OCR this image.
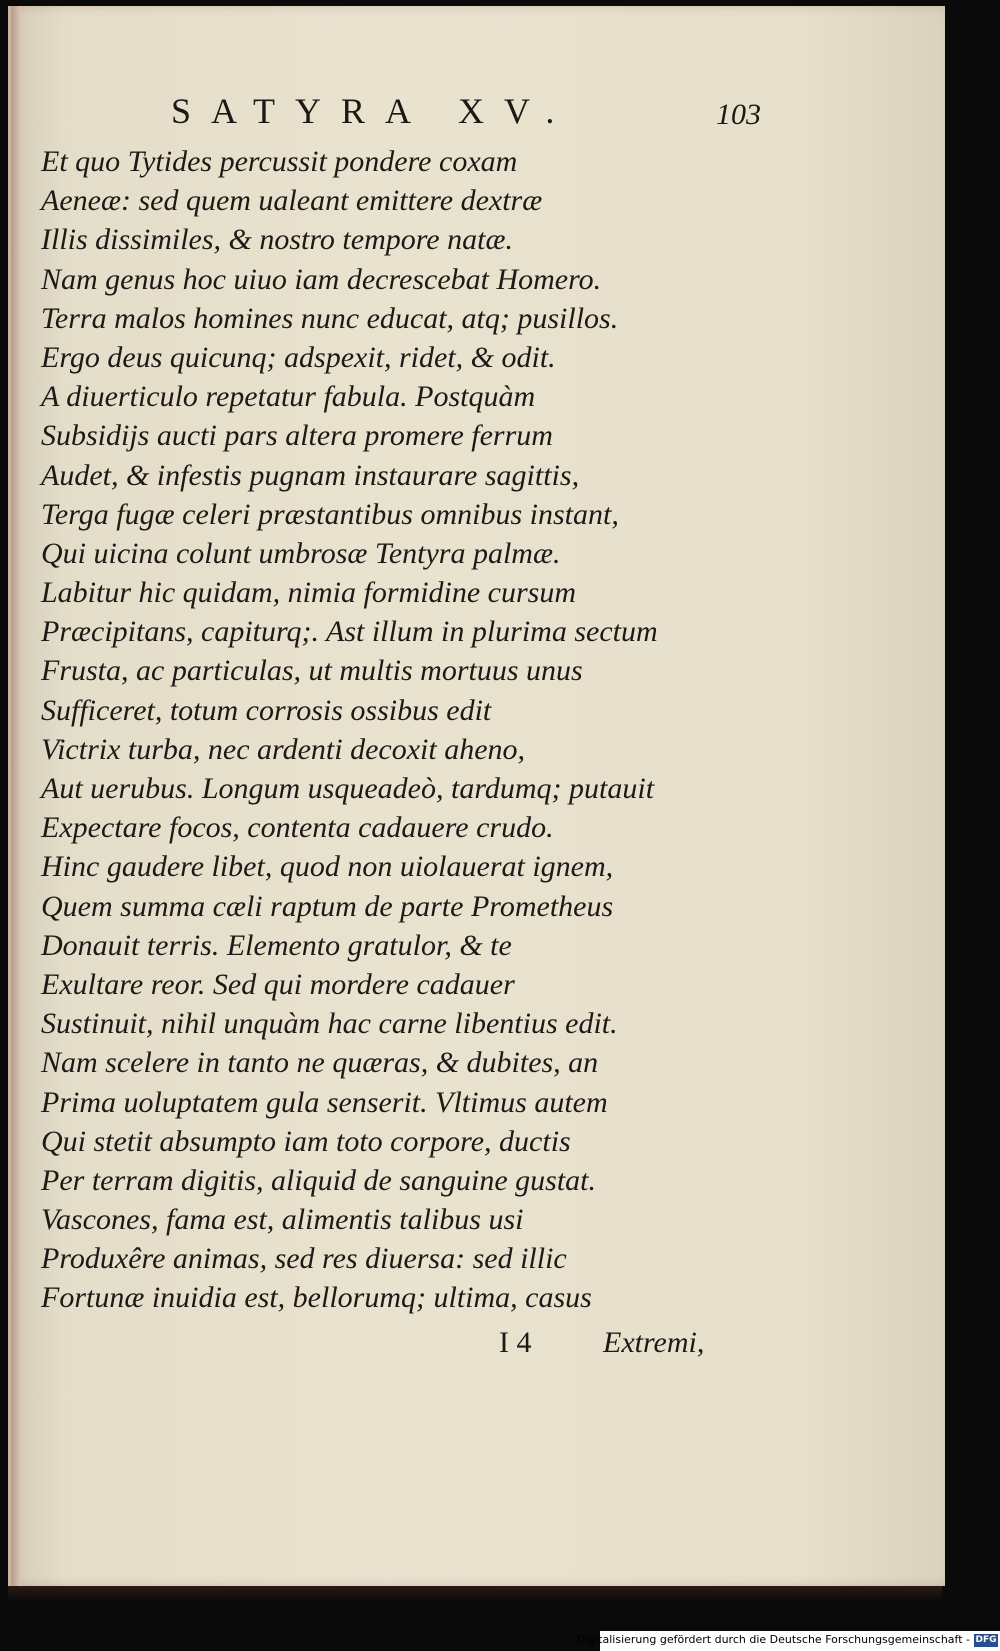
SATYRA XV.	103
Et quo Tytides percussit pondere coxam
Aeneæ: sed quem ualeant emittere dextræ
Illis dissimiles, & nostro tempore natæ.
Nam genus hoc uiuo iam decrescebat Homero.
Terra malos homines nunc educat, atq; pusillos.
Ergo deus quicunq; adspexit, ridet, & odit.
A diuerticulo repetatur fabula. Postquàm
Subsidijs aucti pars altera promere ferrum
Audet, & infestis pugnam instaurare sagittis,
Terga fugæ celeri præstantibus omnibus instant,
Qui uicina colunt umbrosæ Tentyra palmæ.
Labitur hic quidam, nimia formidine cursum
Præcipitans, capiturq;. Ast illum in plurima sectum
Frusta, ac particulas, ut multis mortuus unus
Sufficeret, totum corrosis ossibus edit
Victrix turba, nec ardenti decoxit aheno,
Aut uerubus. Longum usqueadeò, tardumq; putauit
Expectare focos, contenta cadauere crudo.
Hinc gaudere libet, quod non uiolauerat ignem,
Quem summa cæli raptum de parte Prometheus
Donauit terris. Elemento gratulor, & te
Exultare reor. Sed qui mordere cadauer
Sustinuit, nihil unquàm hac carne libentius edit.
Nam scelere in tanto ne quæras, & dubites, an
Prima uoluptatem gula senserit. Vltimus autem
Qui stetit absumpto iam toto corpore, ductis
Per terram digitis, aliquid de sanguine gustat.
Vascones, fama est, alimentis talibus usi
Produxêre animas, sed res diuersa: sed illic
Fortunæ inuidia est, bellorumq; ultima, casus
I 4 Extremi,
Digitalisierung gefördert durch die Deutsche Forschungsgemeinschaft - DFG
